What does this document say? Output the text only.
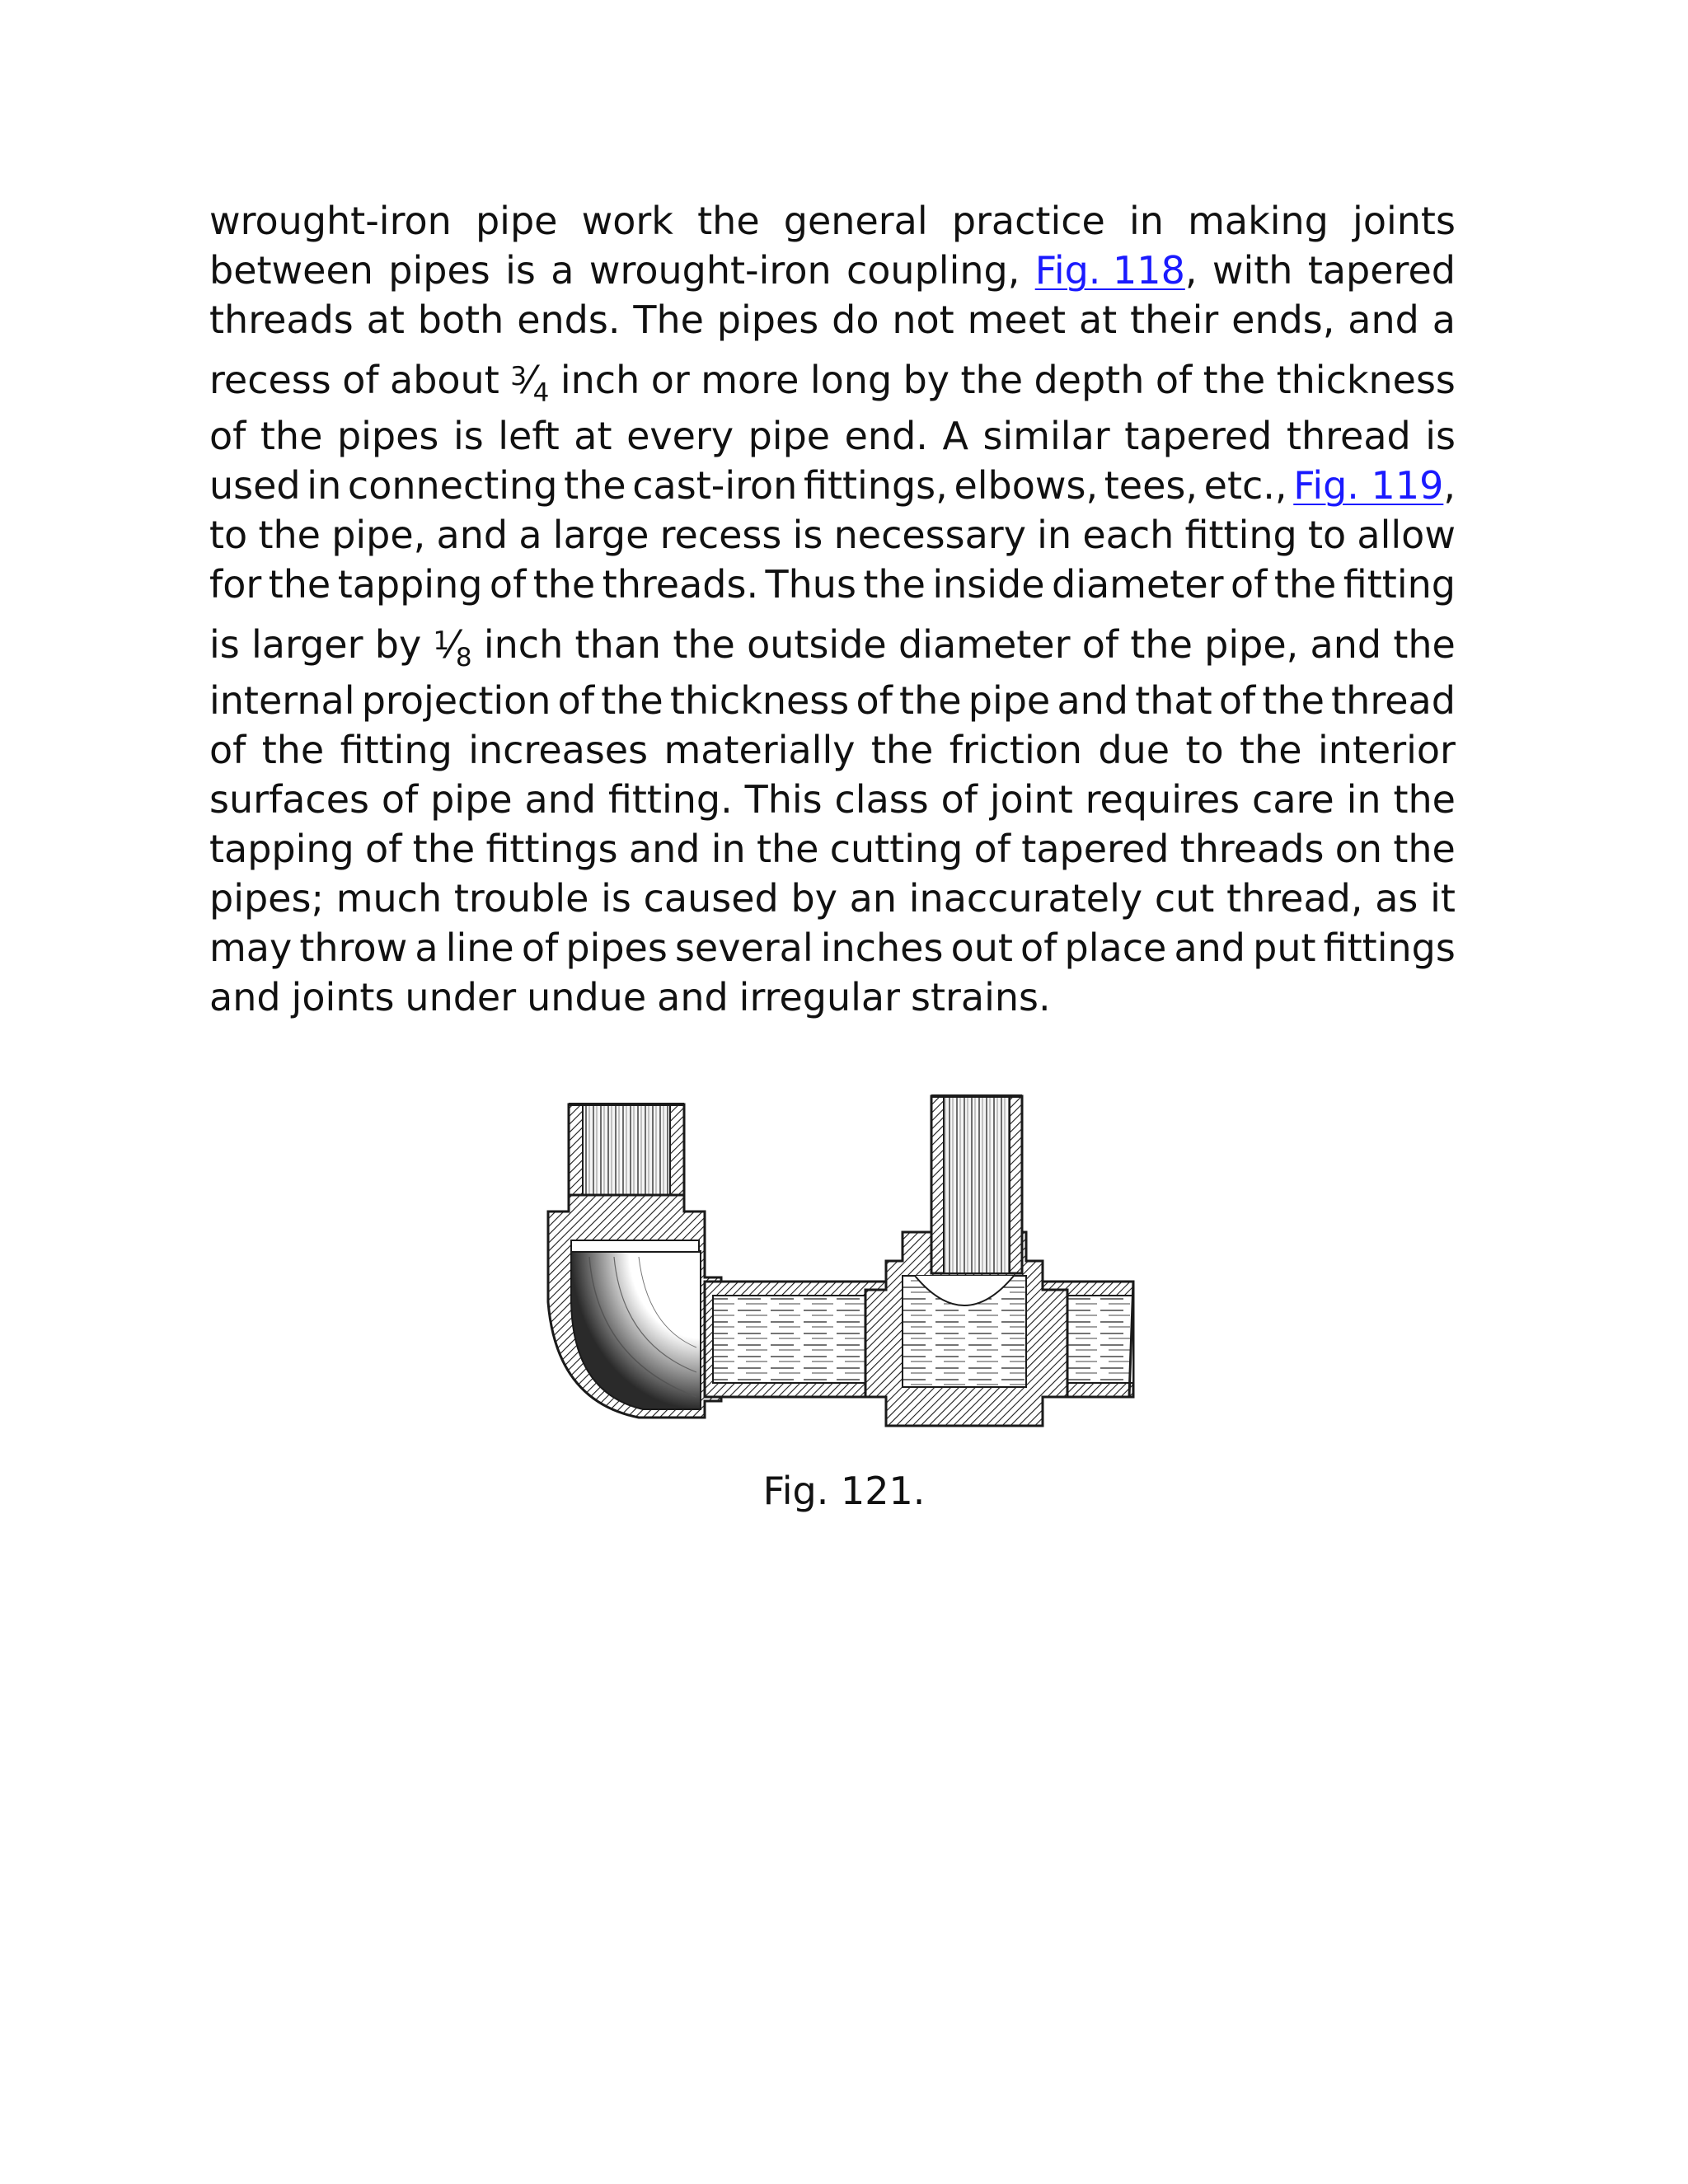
wrought-iron pipe work the general practice in making joints
between pipes is a wrought-iron coupling, Fig. 118, with tapered
threads at both ends. The pipes do not meet at their ends, and a
recess of about $^3⁄_4$ inch or more long by the depth of the thickness
of the pipes is left at every pipe end. A similar tapered thread is
used in connecting the cast-iron fittings, elbows, tees, etc., Fig. 119,
to the pipe, and a large recess is necessary in each fitting to allow
for the tapping of the threads. Thus the inside diameter of the fitting
is larger by $^1⁄_8$ inch than the outside diameter of the pipe, and the
internal projection of the thickness of the pipe and that of the thread
of the fitting increases materially the friction due to the interior
surfaces of pipe and fitting. This class of joint requires care in the
tapping of the fittings and in the cutting of tapered threads on the
pipes; much trouble is caused by an inaccurately cut thread, as it
may throw a line of pipes several inches out of place and put fittings
and joints under undue and irregular strains.
Fig. 121.
